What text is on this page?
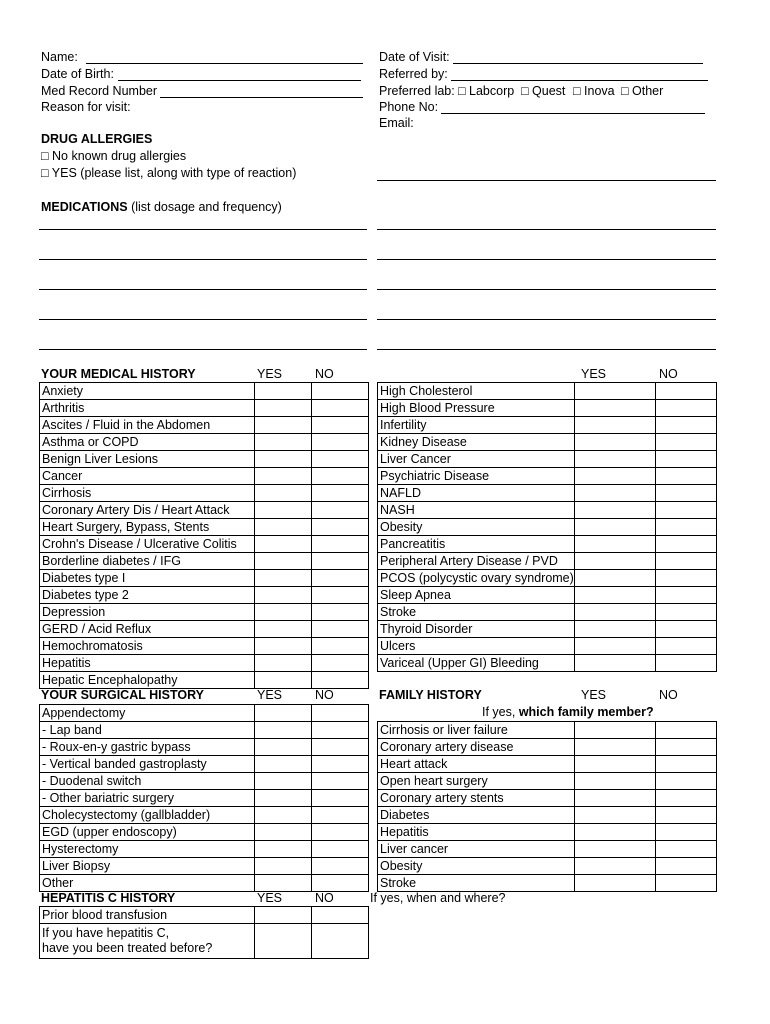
Name:
Date of Birth:
Med Record Number
Reason for visit:
Date of Visit:
Referred by:
Preferred lab: □ Labcorp □ Quest □ Inova □ Other
Phone No:
Email:
DRUG ALLERGIES
□ No known drug allergies
□ YES (please list, along with type of reaction)
MEDICATIONS (list dosage and frequency)
YOUR MEDICAL HISTORY	YES	NO	YES	NO
Anxiety		
Arthritis		
Ascites / Fluid in the Abdomen		
Asthma or COPD		
Benign Liver Lesions		
Cancer		
Cirrhosis		
Coronary Artery Dis / Heart Attack		
Heart Surgery, Bypass, Stents		
Crohn's Disease / Ulcerative Colitis		
Borderline diabetes / IFG		
Diabetes type I		
Diabetes type 2		
Depression		
GERD / Acid Reflux		
Hemochromatosis		
Hepatitis		
Hepatic Encephalopathy		
High Cholesterol		
High Blood Pressure		
Infertility		
Kidney Disease		
Liver Cancer		
Psychiatric Disease		
NAFLD		
NASH		
Obesity		
Pancreatitis		
Peripheral Artery Disease / PVD		
PCOS (polycystic ovary syndrome)		
Sleep Apnea		
Stroke		
Thyroid Disorder		
Ulcers		
Variceal (Upper GI) Bleeding		
YOUR SURGICAL HISTORY	YES	NO
Appendectomy		
- Lap band		
- Roux-en-y gastric bypass		
- Vertical banded gastroplasty		
- Duodenal switch		
- Other bariatric surgery		
Cholecystectomy (gallbladder)		
EGD (upper endoscopy)		
Hysterectomy		
Liver Biopsy		
Other		
FAMILY HISTORY	YES	NO
If yes, which family member?
Cirrhosis or liver failure		
Coronary artery disease		
Heart attack		
Open heart surgery		
Coronary artery stents		
Diabetes		
Hepatitis		
Liver cancer		
Obesity		
Stroke		
HEPATITIS C HISTORY	YES	NO	If yes, when and where?
Prior blood transfusion		
If you have hepatitis C,
have you been treated before?		
